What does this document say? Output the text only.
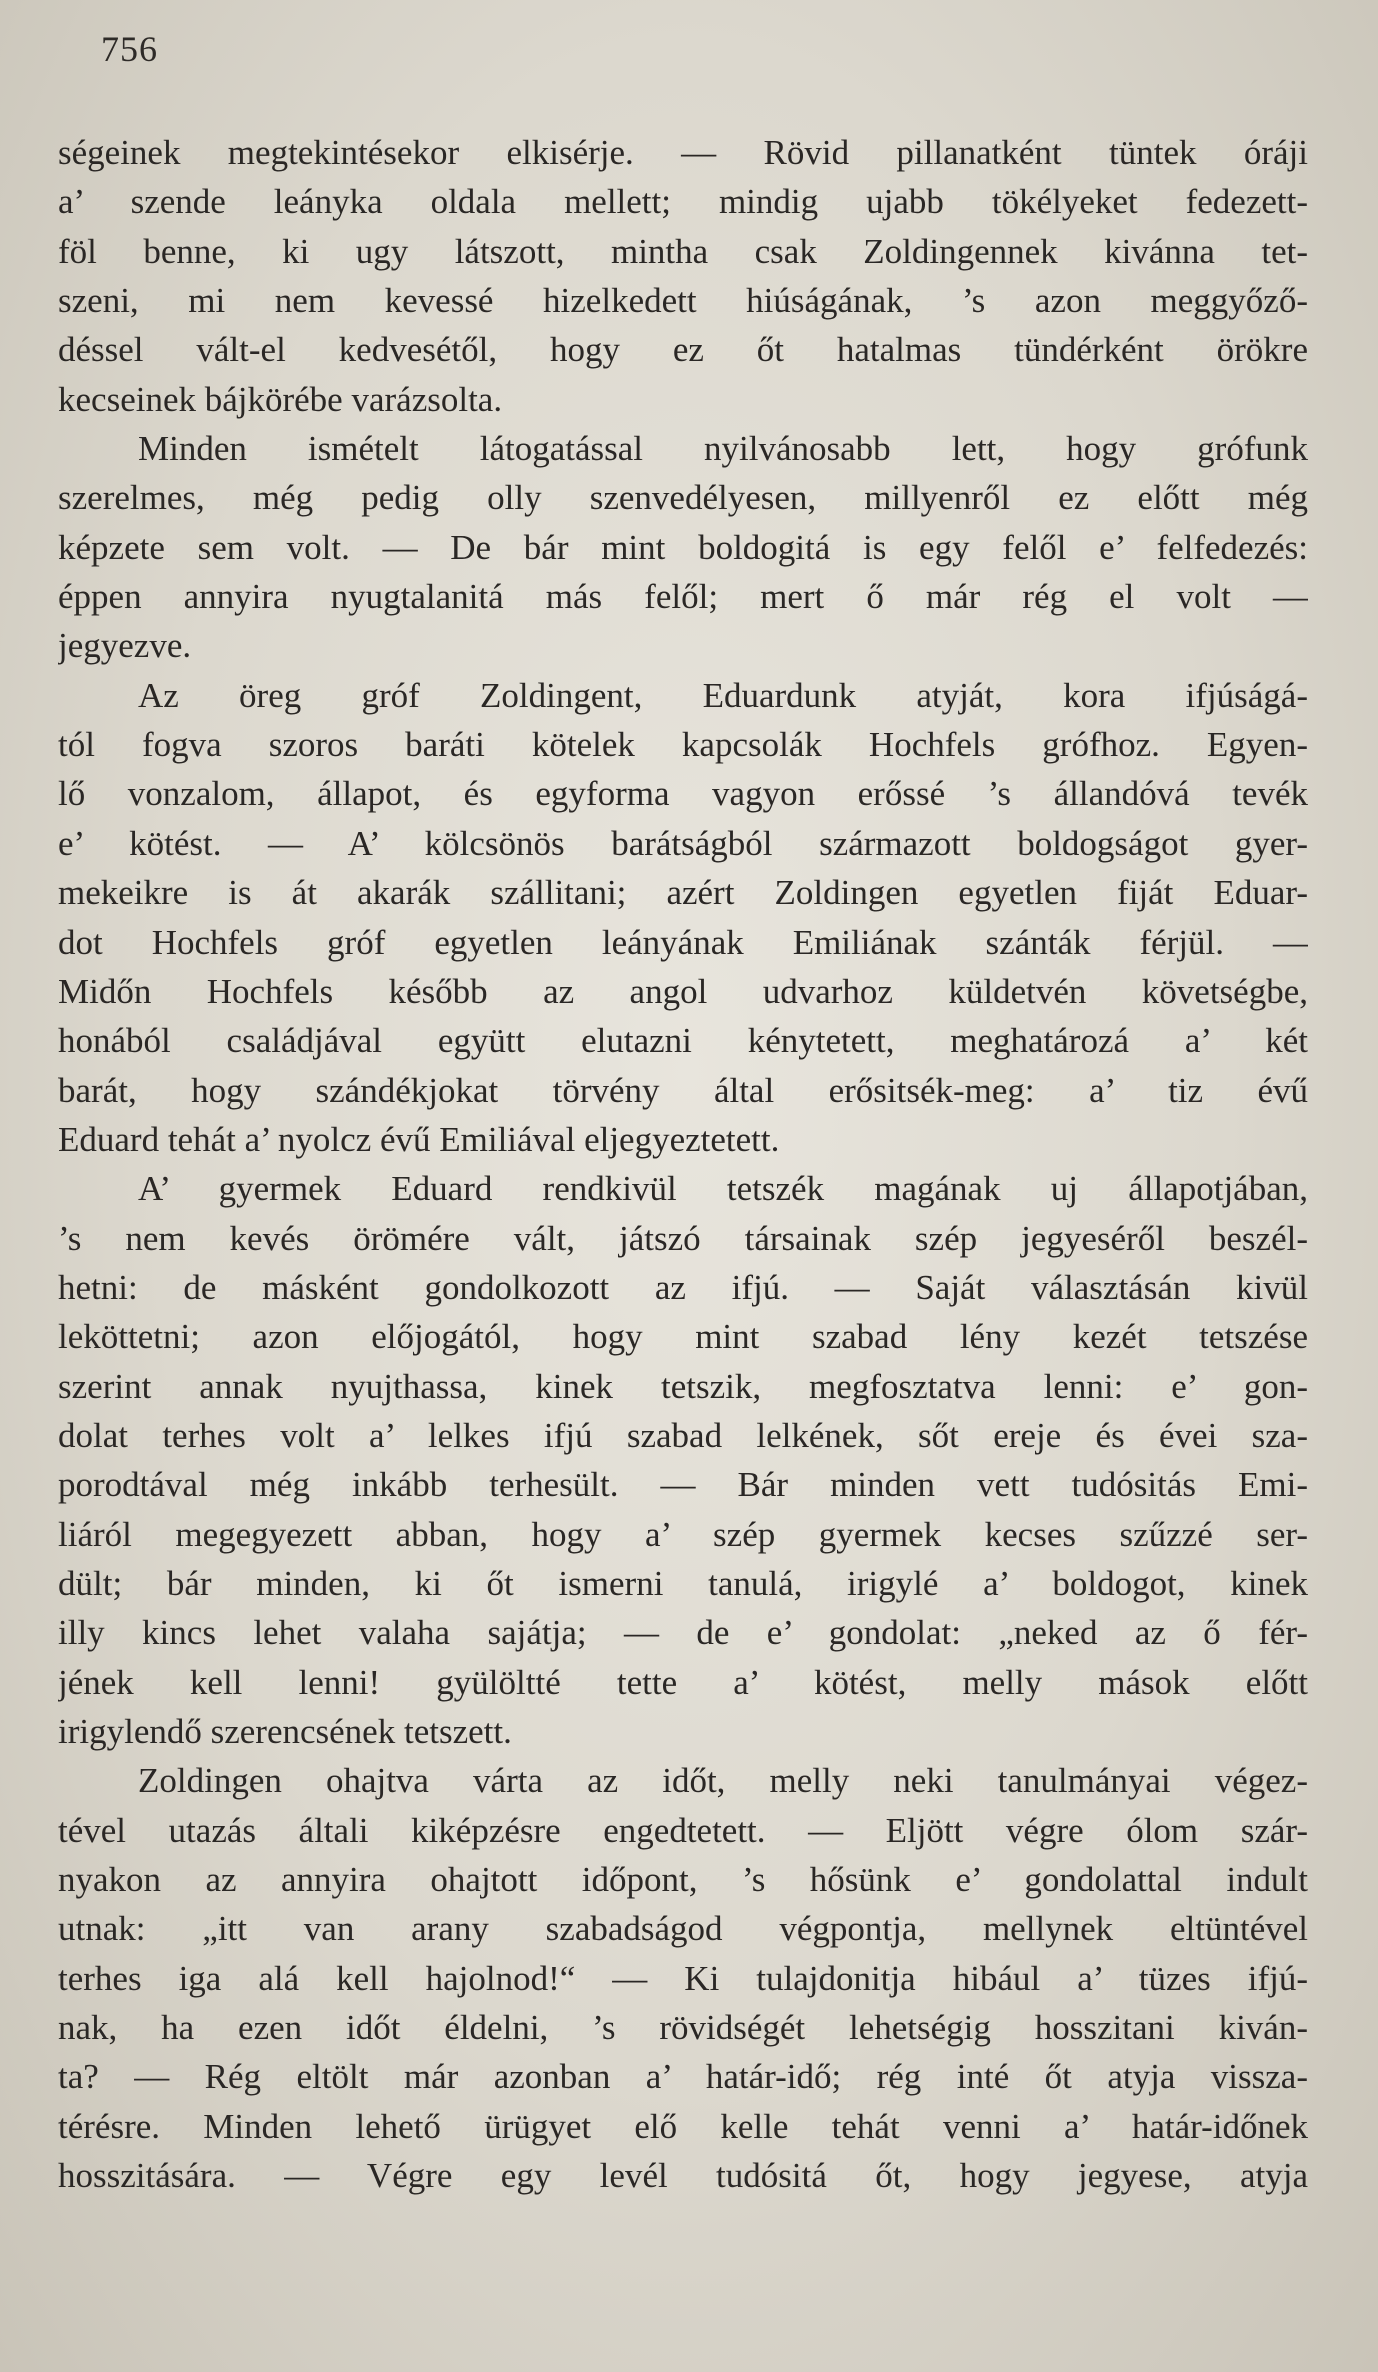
756
ségeinek megtekintésekor elkisérje. — Rövid pillanatként tüntek órájі
a’ szende leányka oldala mellett; mindig ujabb tökélyeket fedezett-
föl benne, ki ugy látszott, mintha csak Zoldingennek kivánna tet-
szeni, mi nem kevessé hizelkedett hiúságának, ’s azon meggyőző-
déssel vált-el kedvesétől, hogy ez őt hatalmas tündérként örökre
kecseinek bájkörébe varázsolta.
Minden ismételt látogatással nyilvánosabb lett, hogy grófunk
szerelmes, még pedig olly szenvedélyesen, millyenről ez előtt még
képzete sem volt. — De bár mint boldogitá is egy felől e’ felfedezés:
éppen annyira nyugtalanitá más felől; mert ő már rég el volt —
jegyezve.
Az öreg gróf Zoldingent, Eduardunk atyját, kora ifjúságá-
tól fogva szoros baráti kötelek kapcsolák Hochfels grófhoz. Egyen-
lő vonzalom, állapot, és egyforma vagyon erőssé ’s állandóvá tevék
e’ kötést. — A’ kölcsönös barátságból származott boldogságot gyer-
mekeikre is át akarák szállitani; azért Zoldingen egyetlen fiját Eduar-
dot Hochfels gróf egyetlen leányának Emiliának szánták férjül. —
Midőn Hochfels később az angol udvarhoz küldetvén követségbe,
honából családjával együtt elutazni kénytetett, meghatározá a’ két
barát, hogy szándékjokat törvény által erősitsék-meg: a’ tiz évű
Eduard tehát a’ nyolcz évű Emiliával eljegyeztetett.
A’ gyermek Eduard rendkivül tetszék magának uj állapotjában,
’s nem kevés örömére vált, játszó társainak szép jegyeséről beszél-
hetni: de másként gondolkozott az ifjú. — Saját választásán kivül
leköttetni; azon előjogától, hogy mint szabad lény kezét tetszése
szerint annak nyujthassa, kinek tetszik, megfosztatva lenni: e’ gon-
dolat terhes volt a’ lelkes ifjú szabad lelkének, sőt ereje és évei sza-
porodtával még inkább terhesült. — Bár minden vett tudósitás Emi-
liáról megegyezett abban, hogy a’ szép gyermek kecses szűzzé ser-
dült; bár minden, ki őt ismerni tanulá, irigylé a’ boldogot, kinek
illy kincs lehet valaha sajátja; — de e’ gondolat: „neked az ő fér-
jének kell lenni! gyülöltté tette a’ kötést, melly mások előtt
irigylendő szerencsének tetszett.
Zoldingen ohajtva várta az időt, melly neki tanulmányai végez-
tével utazás általi kiképzésre engedtetett. — Eljött végre ólom szár-
nyakon az annyira ohajtott időpont, ’s hősünk e’ gondolattal indult
utnak: „itt van arany szabadságod végpontja, mellynek eltüntével
terhes iga alá kell hajolnod!“ — Ki tulajdonitja hibául a’ tüzes ifjú-
nak, ha ezen időt éldelni, ’s rövidségét lehetségig hosszitani kiván-
ta? — Rég eltölt már azonban a’ határ-idő; rég inté őt atyja vissza-
térésre. Minden lehető ürügyet elő kelle tehát venni a’ határ-időnek
hosszitására. — Végre egy levél tudósitá őt, hogy jegyese, atyja
